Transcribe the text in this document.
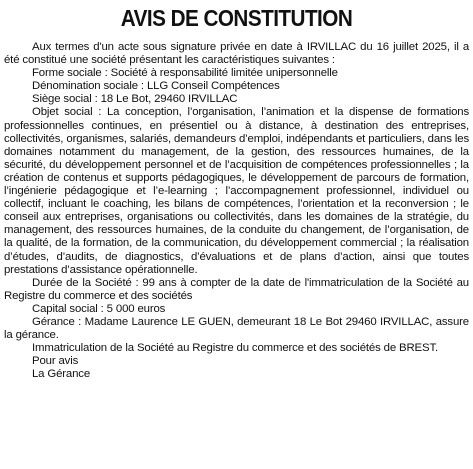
AVIS DE CONSTITUTION

Aux termes d'un acte sous signature privée en date à IRVILLAC du 16 juillet 2025, il a été constitué une société présentant les caractéristiques suivantes :

Forme sociale : Société à responsabilité limitée unipersonnelle

Dénomination sociale : LLG Conseil Compétences

Siège social : 18 Le Bot, 29460 IRVILLAC

Objet social : La conception, l’organisation, l’animation et la dispense de formations professionnelles continues, en présentiel ou à distance, à destination des entreprises, collectivités, organismes, salariés, demandeurs d’emploi, indépendants et particuliers, dans les domaines notamment du management, de la gestion, des ressources humaines, de la sécurité, du développement personnel et de l’acquisition de compétences professionnelles ; la création de contenus et supports pédagogiques, le développement de parcours de formation, l’ingénierie pédagogique et l’e-learning ; l’accompagnement professionnel, individuel ou collectif, incluant le coaching, les bilans de compétences, l’orientation et la reconversion ; le conseil aux entreprises, organisations ou collectivités, dans les domaines de la stratégie, du management, des ressources humaines, de la conduite du changement, de l’organisation, de la qualité, de la formation, de la communication, du développement commercial ; la réalisation d’études, d’audits, de diagnostics, d’évaluations et de plans d’action, ainsi que toutes prestations d’assistance opérationnelle.

Durée de la Société : 99 ans à compter de la date de l'immatriculation de la Société au Registre du commerce et des sociétés

Capital social : 5 000 euros

Gérance : Madame Laurence LE GUEN, demeurant 18 Le Bot 29460 IRVILLAC, assure la gérance.

Immatriculation de la Société au Registre du commerce et des sociétés de BREST.

Pour avis

La Gérance
